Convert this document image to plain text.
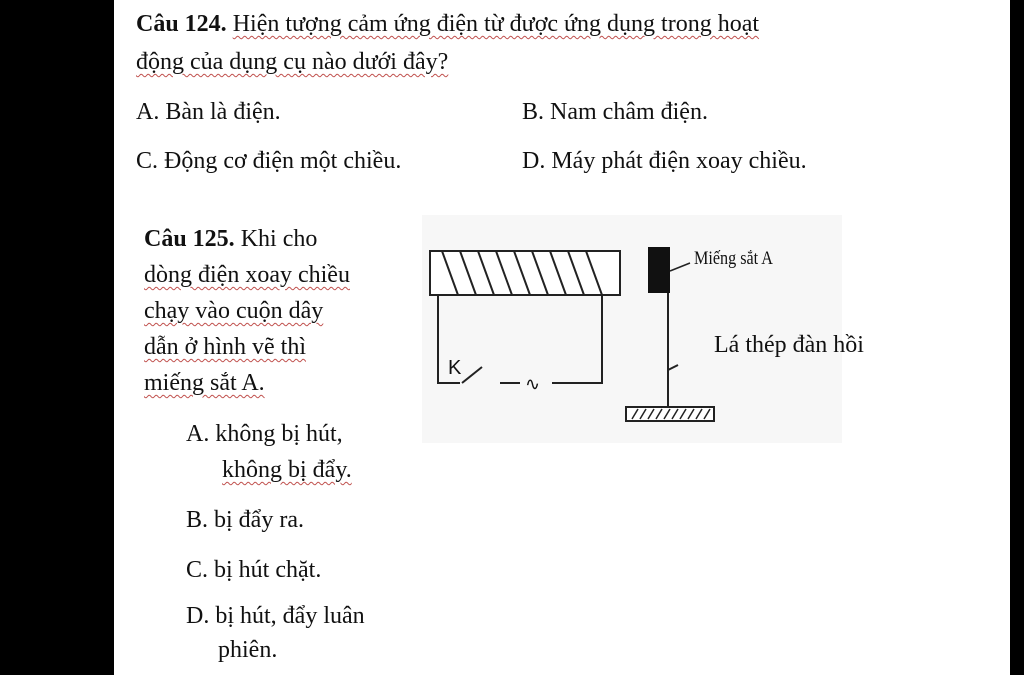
Câu 124. Hiện tượng cảm ứng điện từ được ứng dụng trong hoạt
động của dụng cụ nào dưới đây?
A. Bàn là điện.	B. Nam châm điện.
C. Động cơ điện một chiều.	D. Máy phát điện xoay chiều.
Câu 125. Khi cho
dòng điện xoay chiều
chạy vào cuộn dây
dẫn ở hình vẽ thì
miếng sắt A.
K
∿
Miếng sắt A
Lá thép đàn hồi
A. không bị hút,
không bị đẩy.
B. bị đẩy ra.
C. bị hút chặt.
D. bị hút, đẩy luân
phiên.
